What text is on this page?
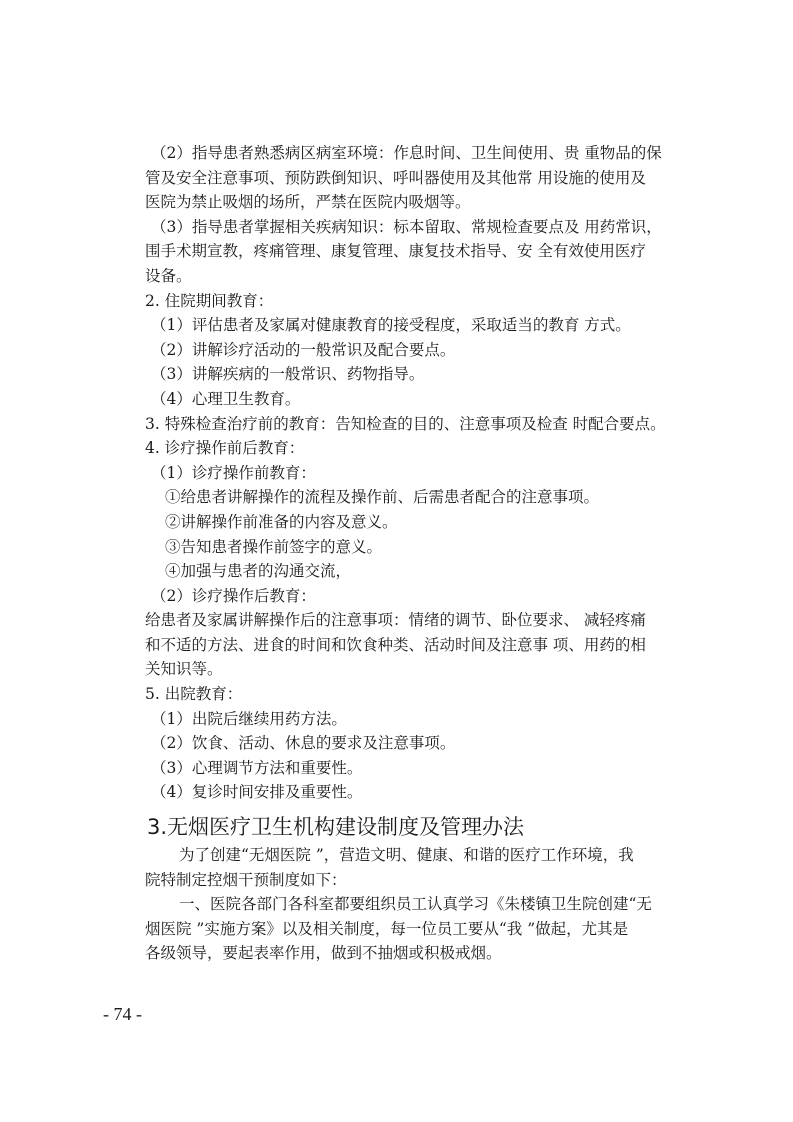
（2）指导患者熟悉病区病室环境：作息时间、卫生间使用、贵 重物品的保

管及安全注意事项、预防跌倒知识、呼叫器使用及其他常 用设施的使用及

医院为禁止吸烟的场所，严禁在医院内吸烟等。

（3）指导患者掌握相关疾病知识：标本留取、常规检查要点及 用药常识，

围手术期宣教，疼痛管理、康复管理、康复技术指导、安 全有效使用医疗

设备。

2. 住院期间教育：

（1）评估患者及家属对健康教育的接受程度，采取适当的教育 方式。

（2）讲解诊疗活动的一般常识及配合要点。

（3）讲解疾病的一般常识、药物指导。

（4）心理卫生教育。

3. 特殊检查治疗前的教育：告知检查的目的、注意事项及检查 时配合要点。

4. 诊疗操作前后教育：

（1）诊疗操作前教育：

①给患者讲解操作的流程及操作前、后需患者配合的注意事项。

②讲解操作前准备的内容及意义。

③告知患者操作前签字的意义。

④加强与患者的沟通交流，

（2）诊疗操作后教育：

给患者及家属讲解操作后的注意事项：情绪的调节、卧位要求、 减轻疼痛

和不适的方法、进食的时间和饮食种类、活动时间及注意事 项、用药的相

关知识等。

5. 出院教育：

（1）出院后继续用药方法。

（2）饮食、活动、休息的要求及注意事项。

（3）心理调节方法和重要性。

（4）复诊时间安排及重要性。

3.无烟医疗卫生机构建设制度及管理办法

为了创建“无烟医院 ”，营造文明、健康、和谐的医疗工作环境，我

院特制定控烟干预制度如下：

一、医院各部门各科室都要组织员工认真学习《朱楼镇卫生院创建“无

烟医院 ”实施方案》以及相关制度，每一位员工要从“我 ”做起，尤其是

各级领导，要起表率作用，做到不抽烟或积极戒烟。

- 74 -
